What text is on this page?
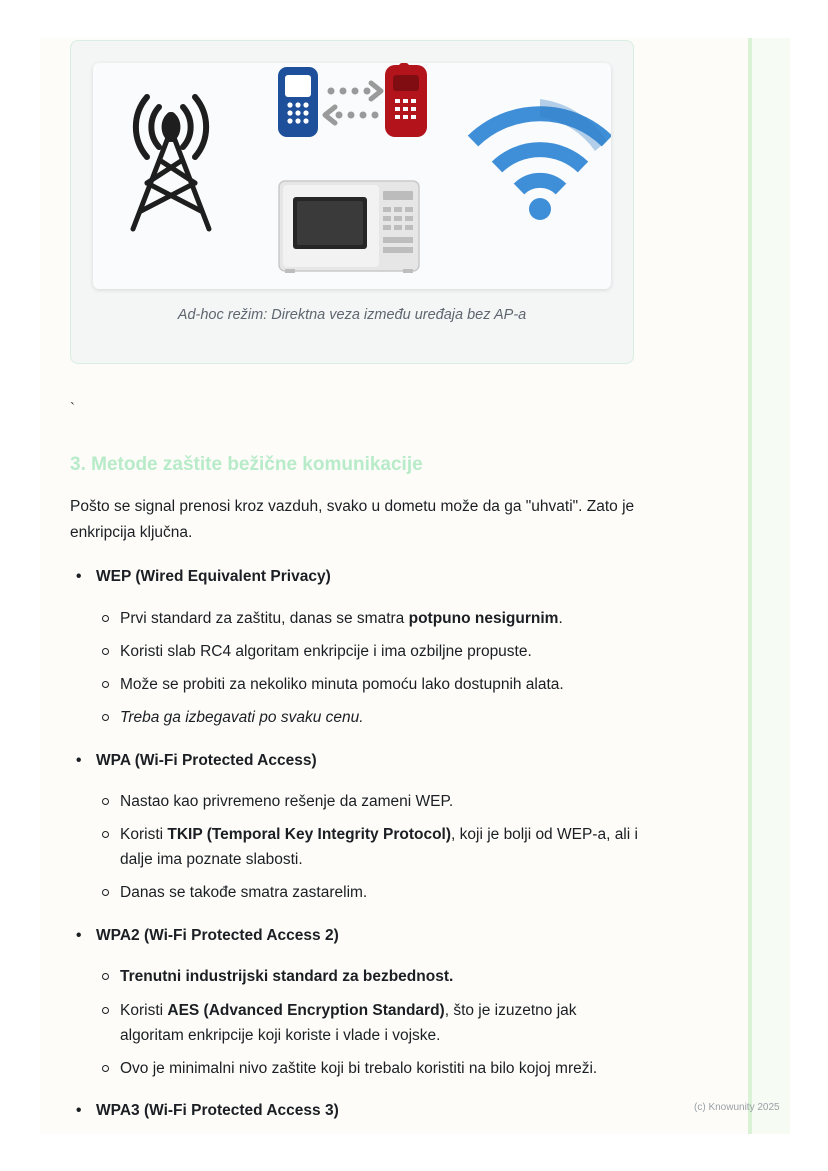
Ad-hoc režim: Direktna veza između uređaja bez AP-a
`
3. Metode zaštite bežične komunikacije

Pošto se signal prenosi kroz vazduh, svako u dometu može da ga "uhvati". Zato je enkripcija ključna.

• WEP (Wired Equivalent Privacy)
Prvi standard za zaštitu, danas se smatra potpuno nesigurnim.
Koristi slab RC4 algoritam enkripcije i ima ozbiljne propuste.
Može se probiti za nekoliko minuta pomoću lako dostupnih alata.
Treba ga izbegavati po svaku cenu.
• WPA (Wi-Fi Protected Access)
Nastao kao privremeno rešenje da zameni WEP.
Koristi TKIP (Temporal Key Integrity Protocol), koji je bolji od WEP-a, ali i dalje ima poznate slabosti.
Danas se takođe smatra zastarelim.
• WPA2 (Wi-Fi Protected Access 2)
Trenutni industrijski standard za bezbednost.
Koristi AES (Advanced Encryption Standard), što je izuzetno jak algoritam enkripcije koji koriste i vlade i vojske.
Ovo je minimalni nivo zaštite koji bi trebalo koristiti na bilo kojoj mreži.
• WPA3 (Wi-Fi Protected Access 3)	(c) Knowunity 2025
